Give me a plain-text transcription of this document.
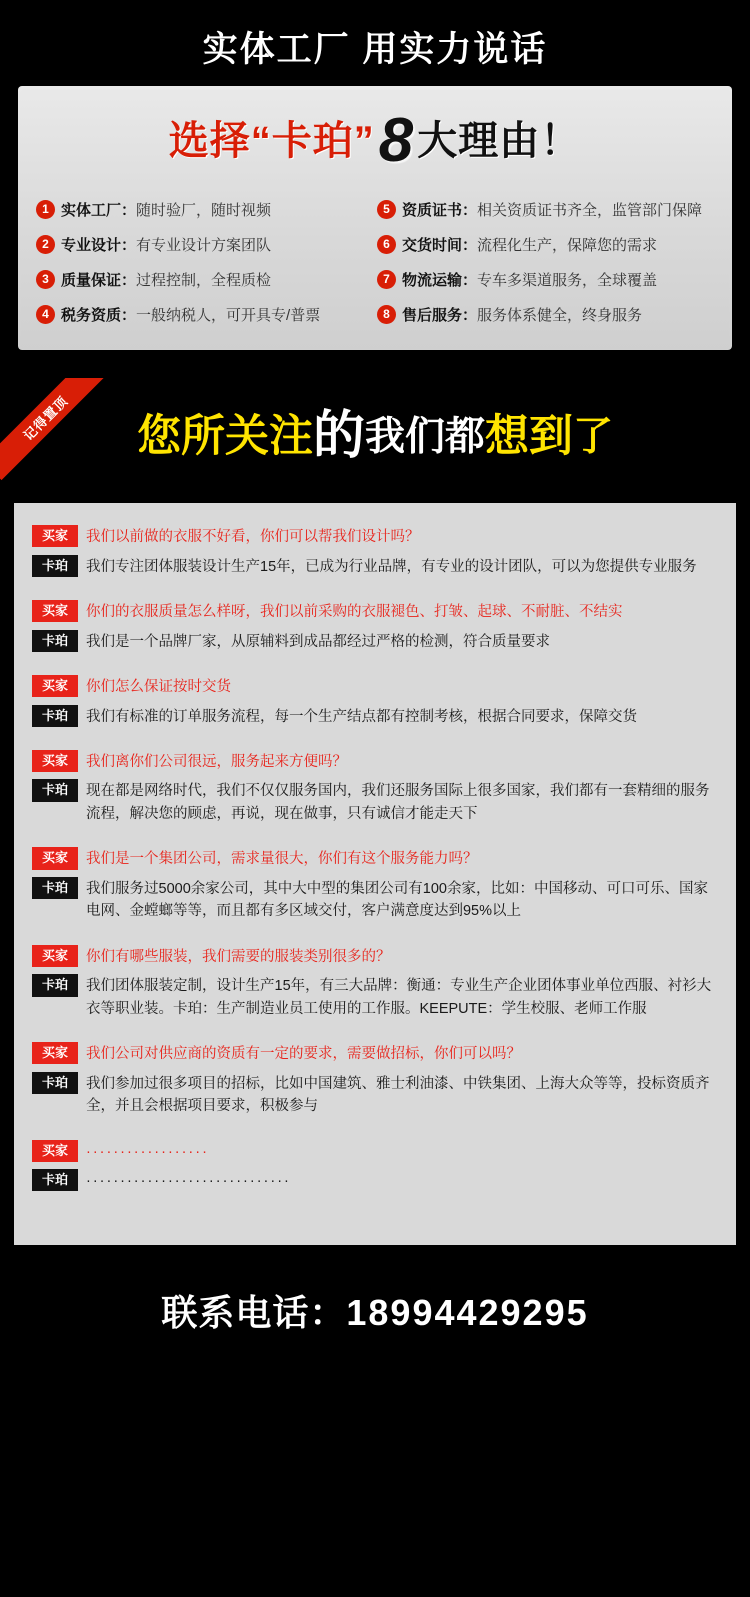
实体工厂 用实力说话
选择“卡珀”8 大理由！
1 实体工厂 ： 随时验厂，随时视频	5 资质证书 ： 相关资质证书齐全，监管部门保障
2 专业设计 ： 有专业设计方案团队	6 交货时间 ： 流程化生产，保障您的需求
3 质量保证 ： 过程控制，全程质检	7 物流运输 ： 专车多渠道服务，全球覆盖
4 税务资质 ： 一般纳税人，可开具专/普票	8 售后服务 ： 服务体系健全，终身服务
记得置顶	您所关注的我们都想到了
买家	我们以前做的衣服不好看，你们可以帮我们设计吗？
卡珀	我们专注团体服装设计生产15年，已成为行业品牌，有专业的设计团队，可以为您提供专业服务
买家	你们的衣服质量怎么样呀，我们以前采购的衣服褪色、打皱、起球、不耐脏、不结实
卡珀	我们是一个品牌厂家，从原辅料到成品都经过严格的检测，符合质量要求
买家	你们怎么保证按时交货
卡珀	我们有标准的订单服务流程，每一个生产结点都有控制考核，根据合同要求，保障交货
买家	我们离你们公司很远，服务起来方便吗？
卡珀	现在都是网络时代，我们不仅仅服务国内，我们还服务国际上很多国家，我们都有一套精细的服务流程，解决您的顾虑，再说，现在做事，只有诚信才能走天下
买家	我们是一个集团公司，需求量很大，你们有这个服务能力吗？
卡珀	我们服务过5000余家公司，其中大中型的集团公司有100余家，比如：中国移动、可口可乐、国家电网、金螳螂等等，而且都有多区域交付，客户满意度达到95%以上
买家	你们有哪些服装，我们需要的服装类别很多的？
卡珀	我们团体服装定制，设计生产15年，有三大品牌：衡通：专业生产企业团体事业单位西服、衬衫大衣等职业装。卡珀：生产制造业员工使用的工作服。KEEPUTE：学生校服、老师工作服
买家	我们公司对供应商的资质有一定的要求，需要做招标，你们可以吗？
卡珀	我们参加过很多项目的招标，比如中国建筑、雅士利油漆、中铁集团、上海大众等等，投标资质齐全，并且会根据项目要求，积极参与
买家	··················
卡珀	······························
联系电话：18994429295
